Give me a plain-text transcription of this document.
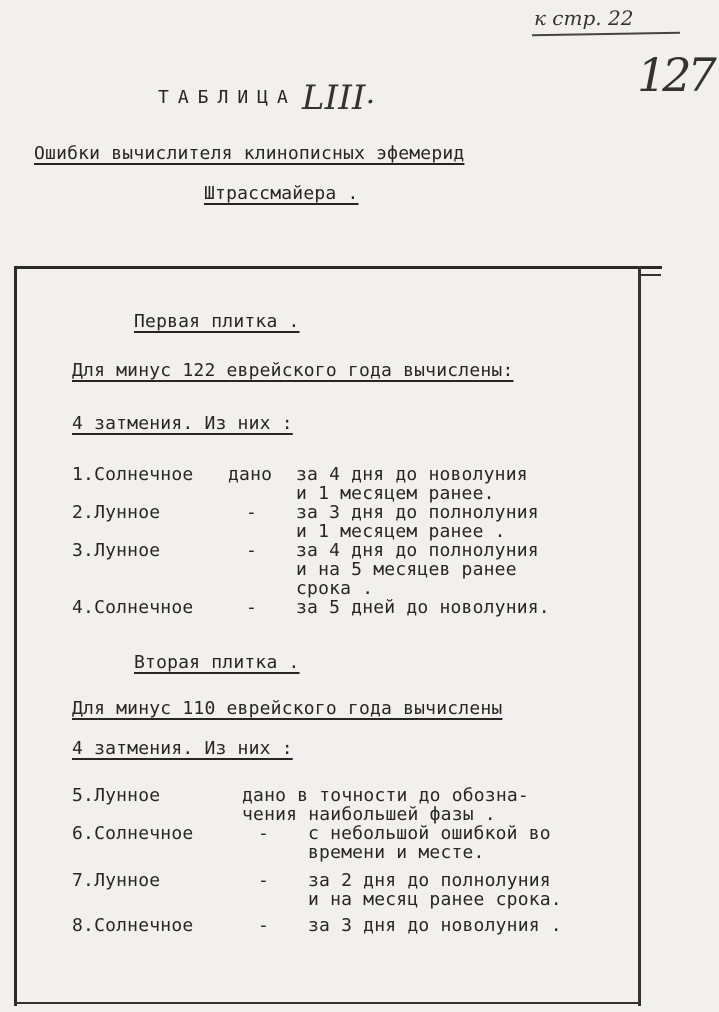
к стр. 22
127
ТАБЛИЦА LIII.
Ошибки вычислителя клинописных эфемерид
Штрассмайера .
Первая плитка .
Для минус 122 еврейского года вычислены:
4 затмения. Из них :
1.Солнечное дано за 4 дня до новолуния
и 1 месяцем ранее.
2.Лунное	- за 3 дня до полнолуния
и 1 месяцем ранее .
3.Лунное	- за 4 дня до полнолуния
и на 5 месяцев ранее
срока .
4.Солнечное	- за 5 дней до новолуния.
Вторая плитка .
Для минус 110 еврейского года вычислены
4 затмения. Из них :
5.Лунное	дано в точности до обозна-
чения наибольшей фазы .
6.Солнечное	- с небольшой ошибкой во
времени и месте.
7.Лунное	- за 2 дня до полнолуния
и на месяц ранее срока.
8.Солнечное	- за 3 дня до новолуния .
